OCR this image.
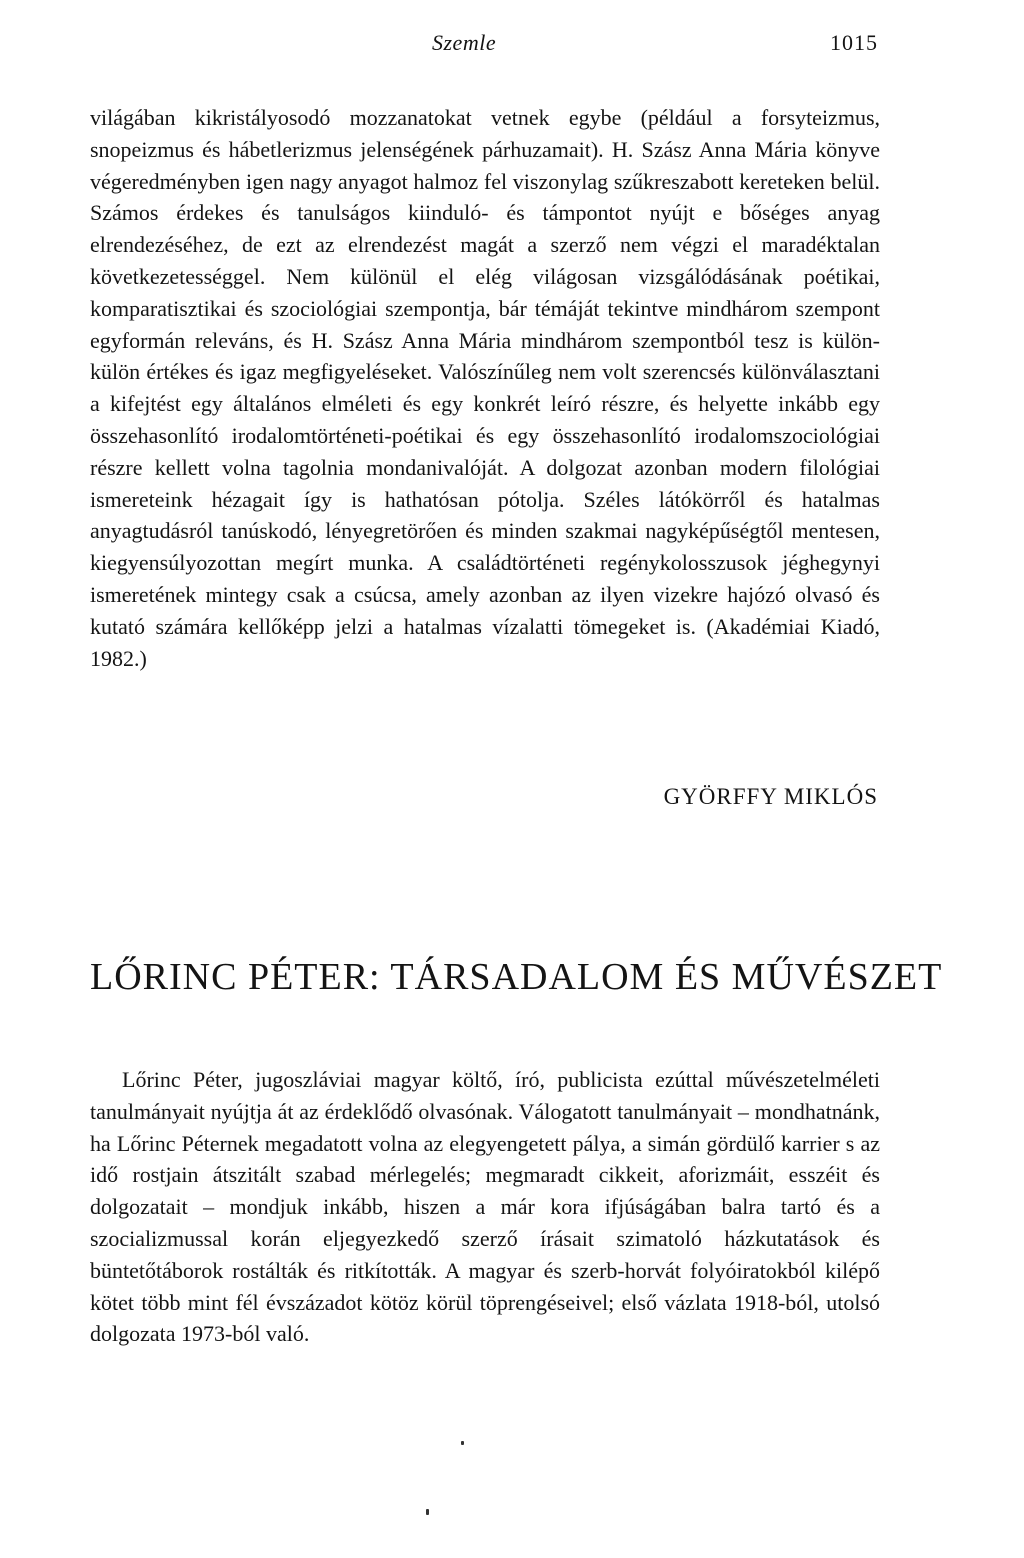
Szemle	1015

világában kikristályosodó mozzanatokat vetnek egybe (például a forsyteizmus, snopeizmus és hábetlerizmus jelenségének párhuzamait). H. Szász Anna Mária könyve végeredményben igen nagy anyagot halmoz fel viszonylag szűkreszabott kereteken belül. Számos érdekes és tanulságos kiinduló- és támpontot nyújt e bőséges anyag elrendezéséhez, de ezt az elrendezést magát a szerző nem végzi el maradéktalan következetességgel. Nem különül el elég világosan vizsgálódásának poétikai, komparatisztikai és szociológiai szempontja, bár témáját tekintve mindhárom szempont egyformán releváns, és H. Szász Anna Mária mindhárom szempontból tesz is külön-külön értékes és igaz megfigyeléseket. Valószínűleg nem volt szerencsés különválasztani a kifejtést egy általános elméleti és egy konkrét leíró részre, és helyette inkább egy összehasonlító irodalomtörténeti-poétikai és egy összehasonlító irodalomszociológiai részre kellett volna tagolnia mondanivalóját. A dolgozat azonban modern filológiai ismereteink hézagait így is hathatósan pótolja. Széles látókörről és hatalmas anyagtudásról tanúskodó, lényegretörően és minden szakmai nagyképűségtől mentesen, kiegyensúlyozottan megírt munka. A családtörténeti regénykolosszusok jéghegynyi ismeretének mintegy csak a csúcsa, amely azonban az ilyen vizekre hajózó olvasó és kutató számára kellőképp jelzi a hatalmas vízalatti tömegeket is. (Akadémiai Kiadó, 1982.)

GYÖRFFY MIKLÓS
LŐRINC PÉTER: TÁRSADALOM ÉS MŰVÉSZET

Lőrinc Péter, jugoszláviai magyar költő, író, publicista ezúttal művészetelméleti tanulmányait nyújtja át az érdeklődő olvasónak. Válogatott tanulmányait – mondhatnánk, ha Lőrinc Péternek megadatott volna az elegyengetett pálya, a simán gördülő karrier s az idő rostjain átszitált szabad mérlegelés; megmaradt cikkeit, aforizmáit, esszéit és dolgozatait – mondjuk inkább, hiszen a már kora ifjúságában balra tartó és a szocializmussal korán eljegyezkedő szerző írásait szimatoló házkutatások és büntetőtáborok rostálták és ritkították. A magyar és szerb-horvát folyóiratokból kilépő kötet több mint fél évszázadot kötöz körül töprengéseivel; első vázlata 1918-ból, utolsó dolgozata 1973-ból való.
